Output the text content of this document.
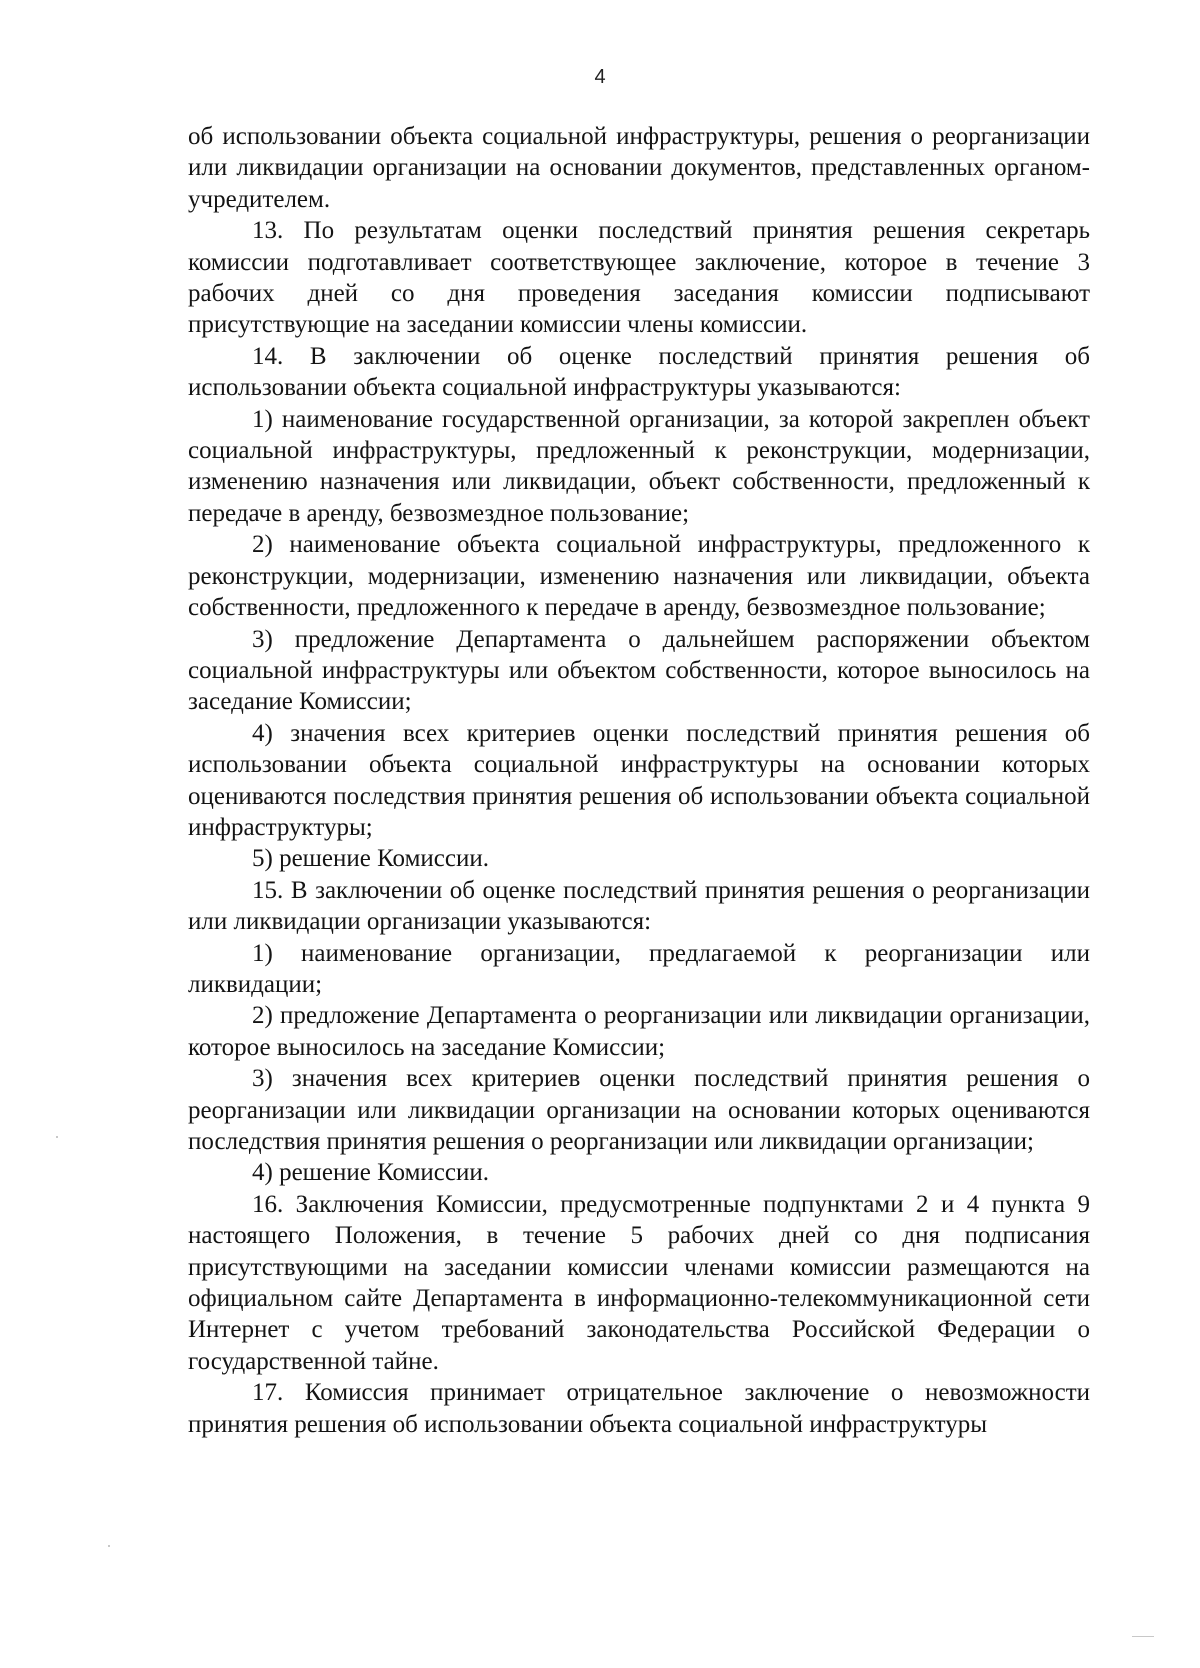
4

об использовании объекта социальной инфраструктуры, решения о реорганизации или ликвидации организации на основании документов, представленных органом-учредителем.

13. По результатам оценки последствий принятия решения секретарь комиссии подготавливает соответствующее заключение, которое в течение 3 рабочих дней со дня проведения заседания комиссии подписывают присутствующие на заседании комиссии члены комиссии.

14. В заключении об оценке последствий принятия решения об использовании объекта социальной инфраструктуры указываются:

1) наименование государственной организации, за которой закреплен объект социальной инфраструктуры, предложенный к реконструкции, модернизации, изменению назначения или ликвидации, объект собственности, предложенный к передаче в аренду, безвозмездное пользование;

2) наименование объекта социальной инфраструктуры, предложенного к реконструкции, модернизации, изменению назначения или ликвидации, объекта собственности, предложенного к передаче в аренду, безвозмездное пользование;

3) предложение Департамента о дальнейшем распоряжении объектом социальной инфраструктуры или объектом собственности, которое выносилось на заседание Комиссии;

4) значения всех критериев оценки последствий принятия решения об использовании объекта социальной инфраструктуры на основании которых оцениваются последствия принятия решения об использовании объекта социальной инфраструктуры;

5) решение Комиссии.

15. В заключении об оценке последствий принятия решения о реорганизации или ликвидации организации указываются:

1) наименование организации, предлагаемой к реорганизации или ликвидации;

2) предложение Департамента о реорганизации или ликвидации организации, которое выносилось на заседание Комиссии;

3) значения всех критериев оценки последствий принятия решения о реорганизации или ликвидации организации на основании которых оцениваются последствия принятия решения о реорганизации или ликвидации организации;

4) решение Комиссии.

16. Заключения Комиссии, предусмотренные подпунктами 2 и 4 пункта 9 настоящего Положения, в течение 5 рабочих дней со дня подписания присутствующими на заседании комиссии членами комиссии размещаются на официальном сайте Департамента в информационно-телекоммуникационной сети Интернет с учетом требований законодательства Российской Федерации о государственной тайне.

17. Комиссия принимает отрицательное заключение о невозможности принятия решения об использовании объекта социальной инфраструктуры
